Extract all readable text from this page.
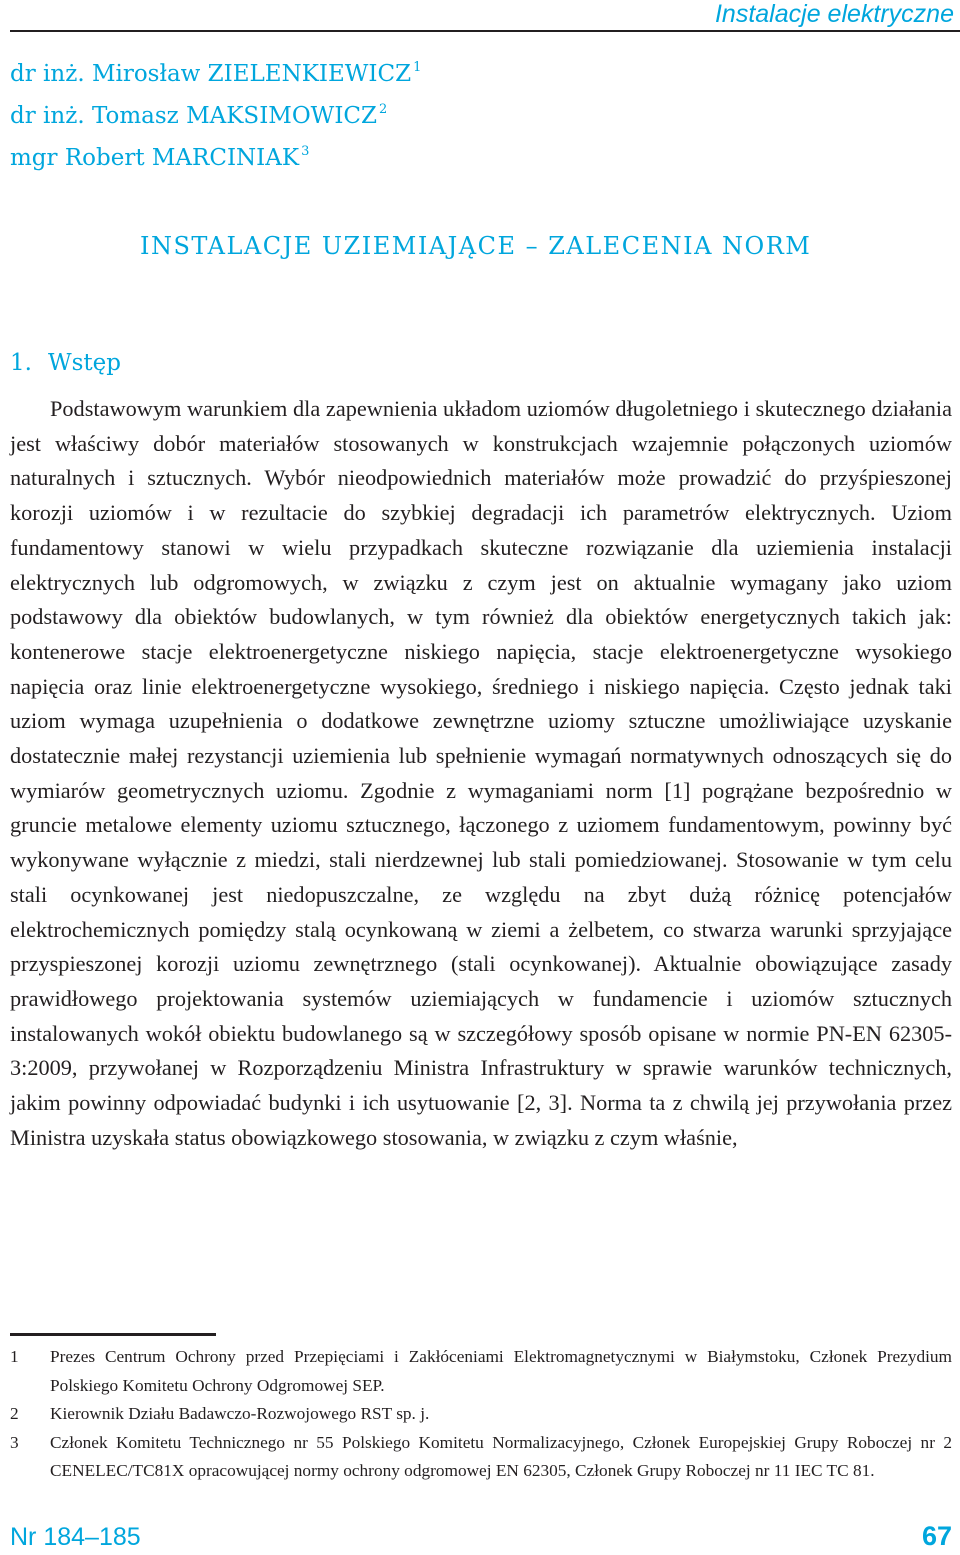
Instalacje elektryczne
dr inż. Mirosław ZIELENKIEWICZ $^1$
dr inż. Tomasz MAKSIMOWICZ $^2$
mgr Robert MARCINIAK $^3$
INSTALACJE UZIEMIAJĄCE – ZALECENIA NORM
1. Wstęp

Podstawowym warunkiem dla zapewnienia układom uziomów długoletniego i skutecznego działania jest właściwy dobór materiałów stosowanych w konstrukcjach wzajemnie połączonych uziomów naturalnych i sztucznych. Wybór nieodpowiednich materiałów może prowadzić do przyśpieszonej korozji uziomów i w rezultacie do szybkiej degradacji ich parametrów elektrycznych. Uziom fundamentowy stanowi w wielu przypadkach skuteczne rozwiązanie dla uziemienia instalacji elektrycznych lub odgromowych, w związku z czym jest on aktualnie wymagany jako uziom podstawowy dla obiektów budowlanych, w tym również dla obiektów energetycznych takich jak: kontenerowe stacje elektroenergetyczne niskiego napięcia, stacje elektroenergetyczne wysokiego napięcia oraz linie elektroenergetyczne wysokiego, średniego i niskiego napięcia. Często jednak taki uziom wymaga uzupełnienia o dodatkowe zewnętrzne uziomy sztuczne umożliwiające uzyskanie dostatecznie małej rezystancji uziemienia lub spełnienie wymagań normatywnych odnoszących się do wymiarów geometrycznych uziomu. Zgodnie z wymaganiami norm [1] pogrążane bezpośrednio w gruncie metalowe elementy uziomu sztucznego, łączonego z uziomem fundamentowym, powinny być wykonywane wyłącznie z miedzi, stali nierdzewnej lub stali pomiedziowanej. Stosowanie w tym celu stali ocynkowanej jest niedopuszczalne, ze względu na zbyt dużą różnicę potencjałów elektrochemicznych pomiędzy stalą ocynkowaną w ziemi a żelbetem, co stwarza warunki sprzyjające przyspieszonej korozji uziomu zewnętrznego (stali ocynkowanej). Aktualnie obowiązujące zasady prawidłowego projektowania systemów uziemiających w fundamencie i uziomów sztucznych instalowanych wokół obiektu budowlanego są w szczegółowy sposób opisane w normie PN-EN 62305-3:2009, przywołanej w Rozporządzeniu Ministra Infrastruktury w sprawie warunków technicznych, jakim powinny odpowiadać budynki i ich usytuowanie [2, 3]. Norma ta z chwilą jej przywołania przez Ministra uzyskała status obowiązkowego stosowania, w związku z czym właśnie,

1	Prezes Centrum Ochrony przed Przepięciami i Zakłóceniami Elektromagnetycznymi w Białymstoku, Członek Prezydium Polskiego Komitetu Ochrony Odgromowej SEP.
2	Kierownik Działu Badawczo-Rozwojowego RST sp. j.
3	Członek Komitetu Technicznego nr 55 Polskiego Komitetu Normalizacyjnego, Członek Europejskiej Grupy Roboczej nr 2 CENELEC/TC81X opracowującej normy ochrony odgromowej EN 62305, Członek Grupy Roboczej nr 11 IEC TC 81.
Nr 184–185	67
